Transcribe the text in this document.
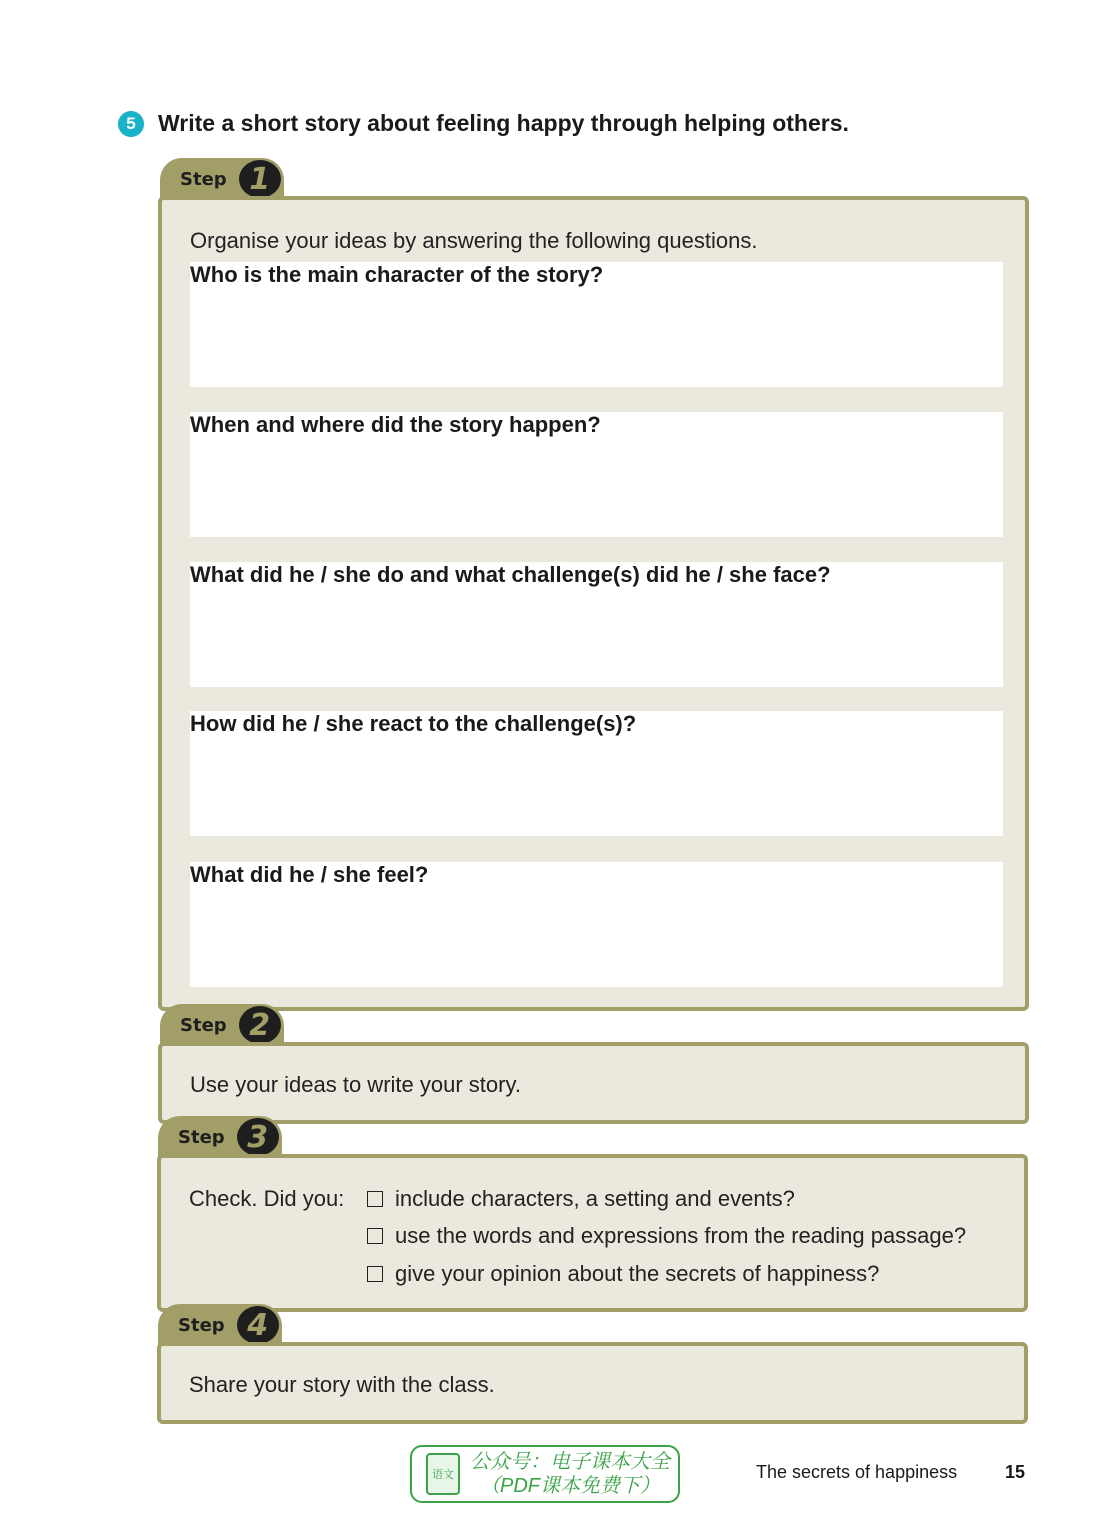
5 Write a short story about feeling happy through helping others.
Step 1
Organise your ideas by answering the following questions.
Who is the main character of the story?
When and where did the story happen?
What did he / she do and what challenge(s) did he / she face?
How did he / she react to the challenge(s)?
What did he / she feel?
Step 2
Use your ideas to write your story.
Step 3
Check. Did you: include characters, a setting and events?
use the words and expressions from the reading passage?
give your opinion about the secrets of happiness?
Step 4
Share your story with the class.
语文
公众号：电子课本大全
（PDF课本免费下）
The secrets of happiness	15
